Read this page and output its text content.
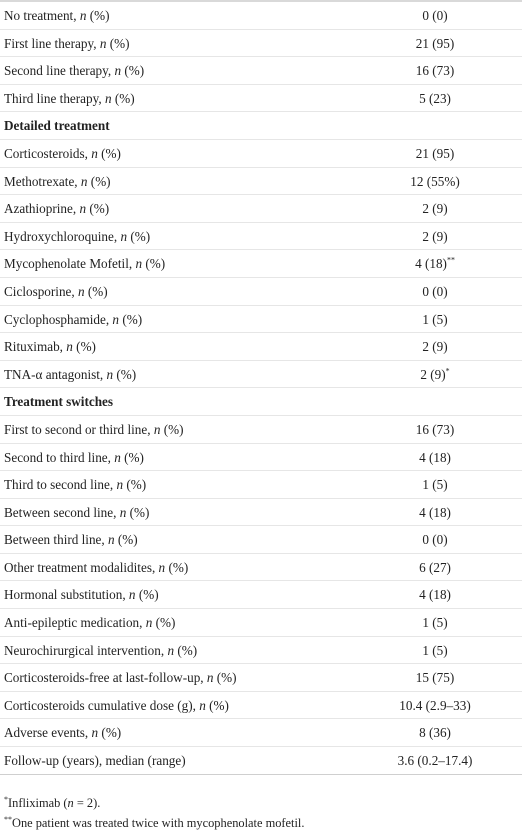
No treatment, n (%)	0 (0)
First line therapy, n (%)	21 (95)
Second line therapy, n (%)	16 (73)
Third line therapy, n (%)	5 (23)
Detailed treatment
Corticosteroids, n (%)	21 (95)
Methotrexate, n (%)	12 (55%)
Azathioprine, n (%)	2 (9)
Hydroxychloroquine, n (%)	2 (9)
Mycophenolate Mofetil, n (%)	4 (18)**
Ciclosporine, n (%)	0 (0)
Cyclophosphamide, n (%)	1 (5)
Rituximab, n (%)	2 (9)
TNA-α antagonist, n (%)	2 (9)*
Treatment switches
First to second or third line, n (%)	16 (73)
Second to third line, n (%)	4 (18)
Third to second line, n (%)	1 (5)
Between second line, n (%)	4 (18)
Between third line, n (%)	0 (0)
Other treatment modalidites, n (%)	6 (27)
Hormonal substitution, n (%)	4 (18)
Anti-epileptic medication, n (%)	1 (5)
Neurochirurgical intervention, n (%)	1 (5)
Corticosteroids-free at last-follow-up, n (%)	15 (75)
Corticosteroids cumulative dose (g), n (%)	10.4 (2.9–33)
Adverse events, n (%)	8 (36)
Follow-up (years), median (range)	3.6 (0.2–17.4)
*Infliximab (n = 2).
**One patient was treated twice with mycophenolate mofetil.
